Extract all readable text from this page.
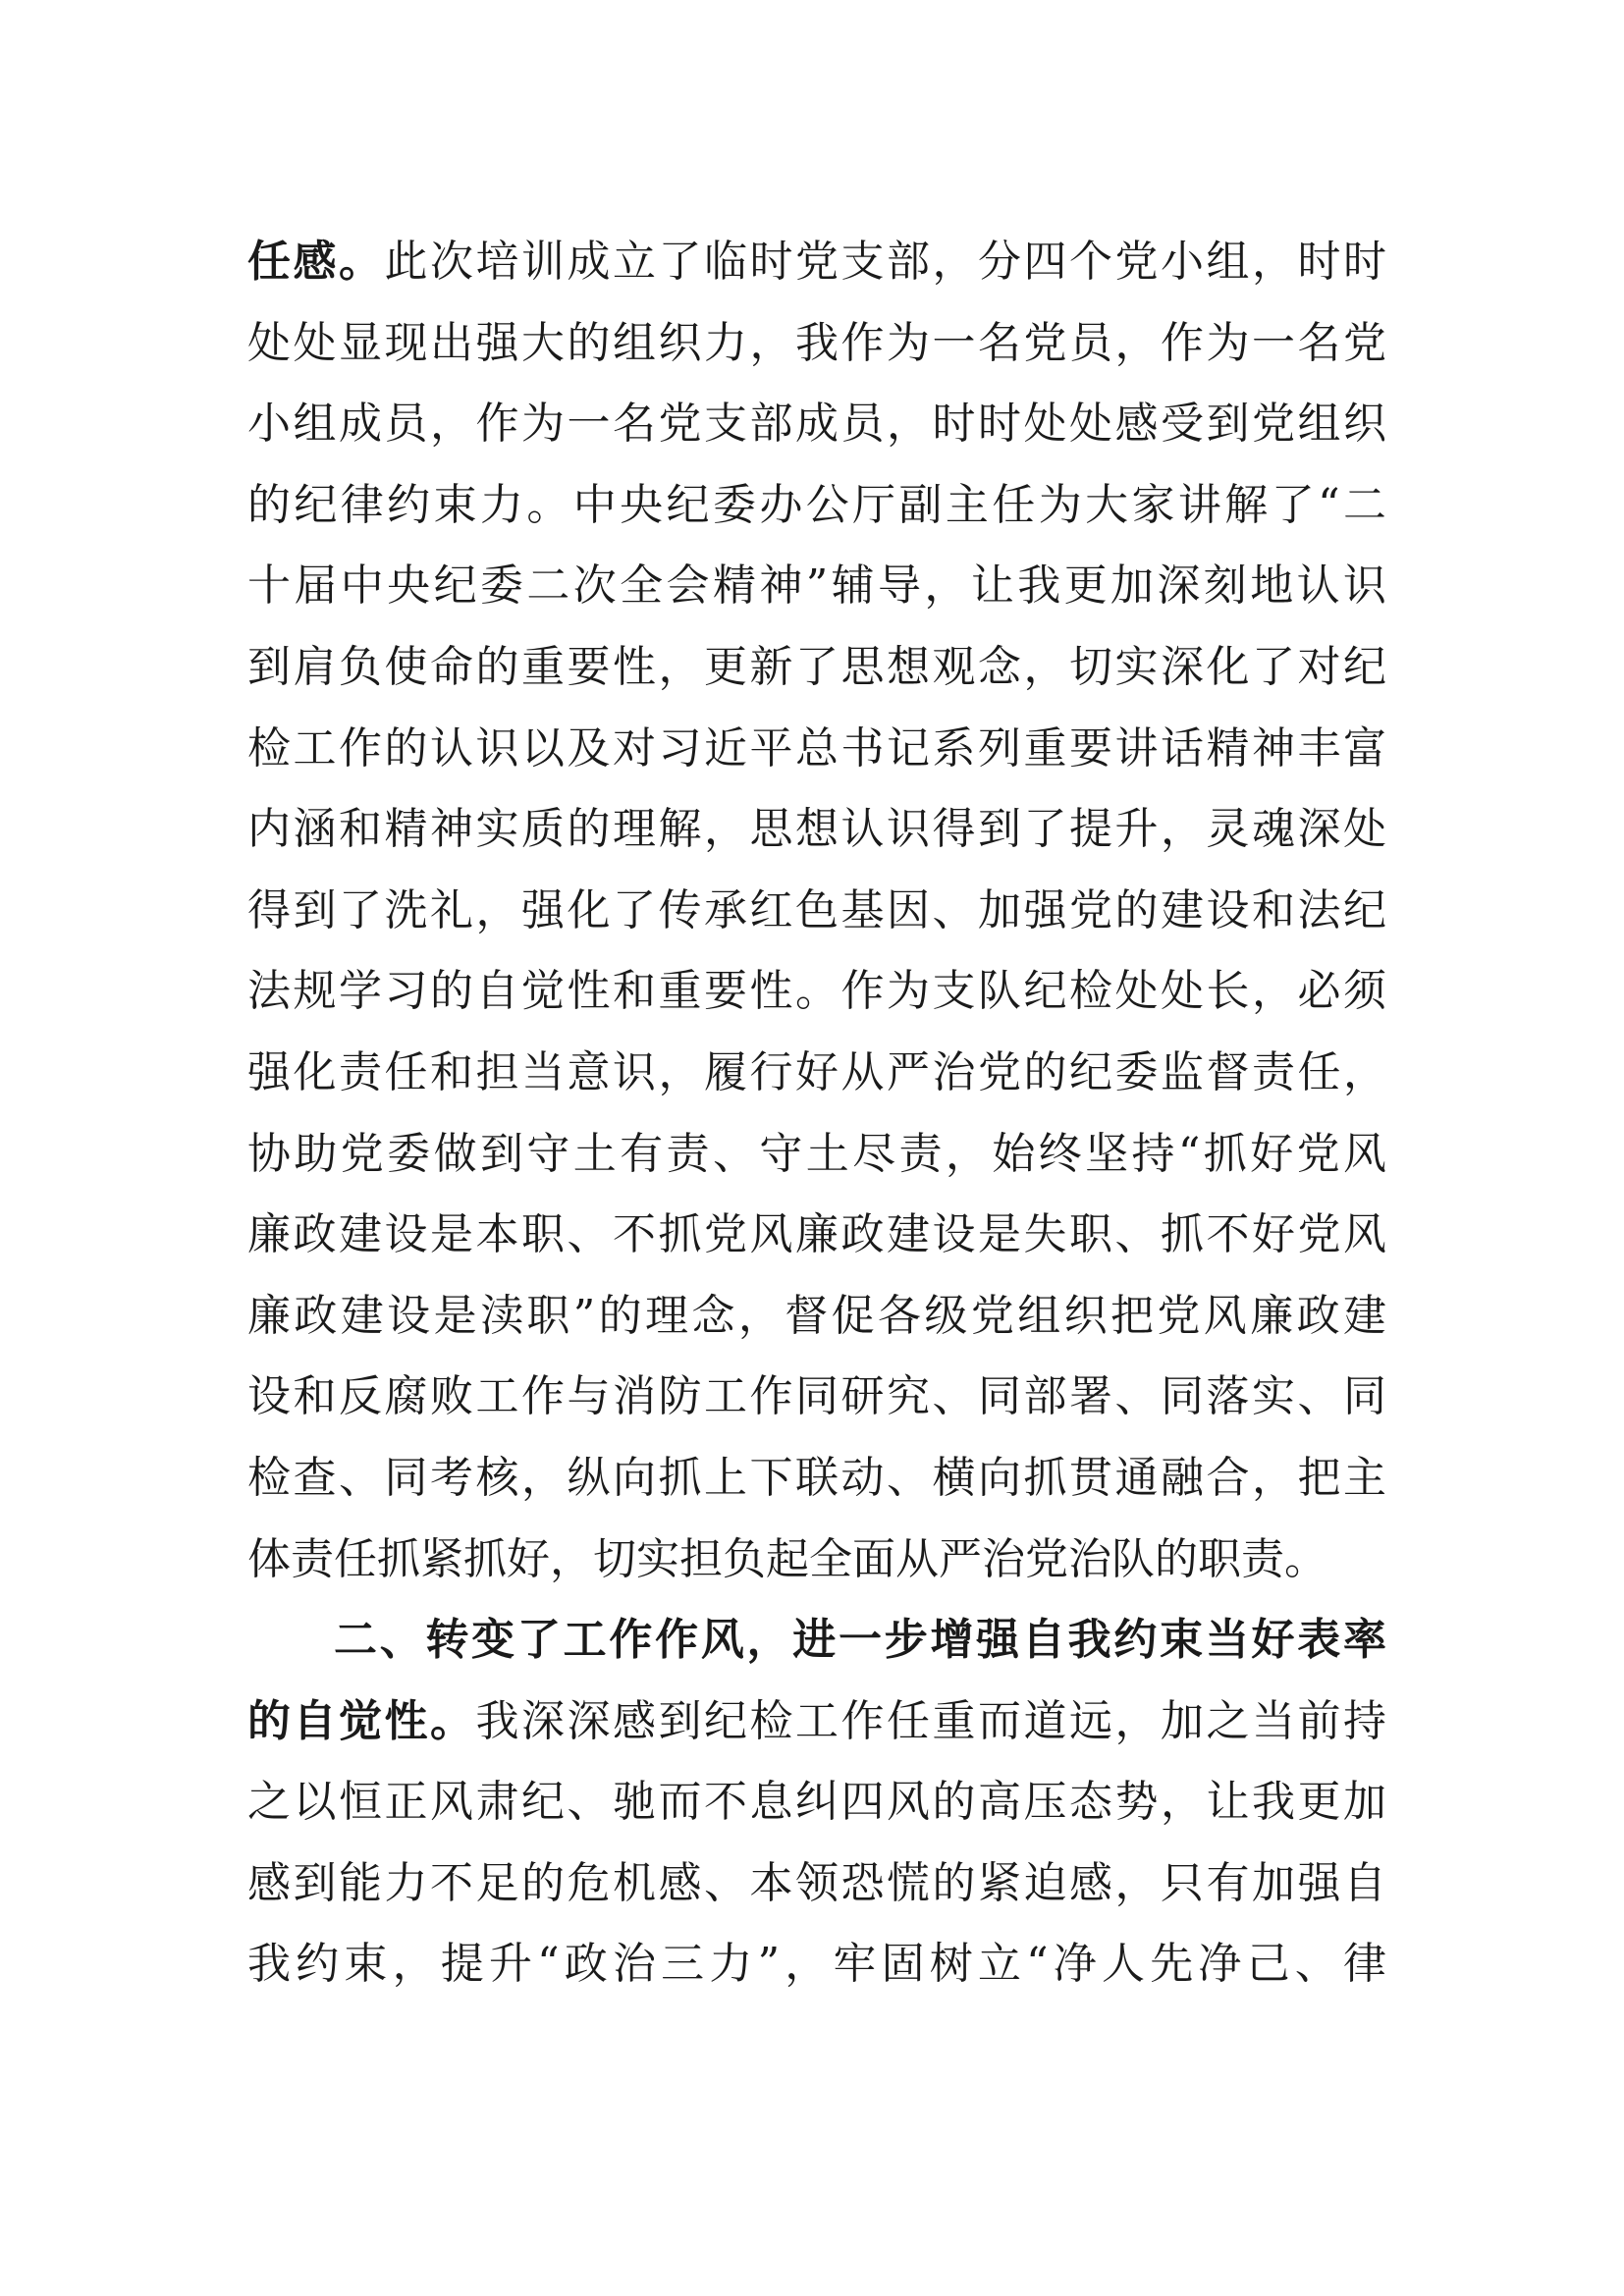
任感。此次培训成立了临时党支部，分四个党小组，时时
处处显现出强大的组织力，我作为一名党员，作为一名党
小组成员，作为一名党支部成员，时时处处感受到党组织
的纪律约束力。中央纪委办公厅副主任为大家讲解了“二
十届中央纪委二次全会精神”辅导，让我更加深刻地认识
到肩负使命的重要性，更新了思想观念，切实深化了对纪
检工作的认识以及对习近平总书记系列重要讲话精神丰富
内涵和精神实质的理解，思想认识得到了提升，灵魂深处
得到了洗礼，强化了传承红色基因、加强党的建设和法纪
法规学习的自觉性和重要性。作为支队纪检处处长，必须
强化责任和担当意识，履行好从严治党的纪委监督责任，
协助党委做到守土有责、守土尽责，始终坚持“抓好党风
廉政建设是本职、不抓党风廉政建设是失职、抓不好党风
廉政建设是渎职”的理念，督促各级党组织把党风廉政建
设和反腐败工作与消防工作同研究、同部署、同落实、同
检查、同考核，纵向抓上下联动、横向抓贯通融合，把主
体责任抓紧抓好，切实担负起全面从严治党治队的职责。
二、转变了工作作风，进一步增强自我约束当好表率
的自觉性。我深深感到纪检工作任重而道远，加之当前持
之以恒正风肃纪、驰而不息纠四风的高压态势，让我更加
感到能力不足的危机感、本领恐慌的紧迫感，只有加强自
我约束，提升“政治三力”，牢固树立“净人先净己、律
